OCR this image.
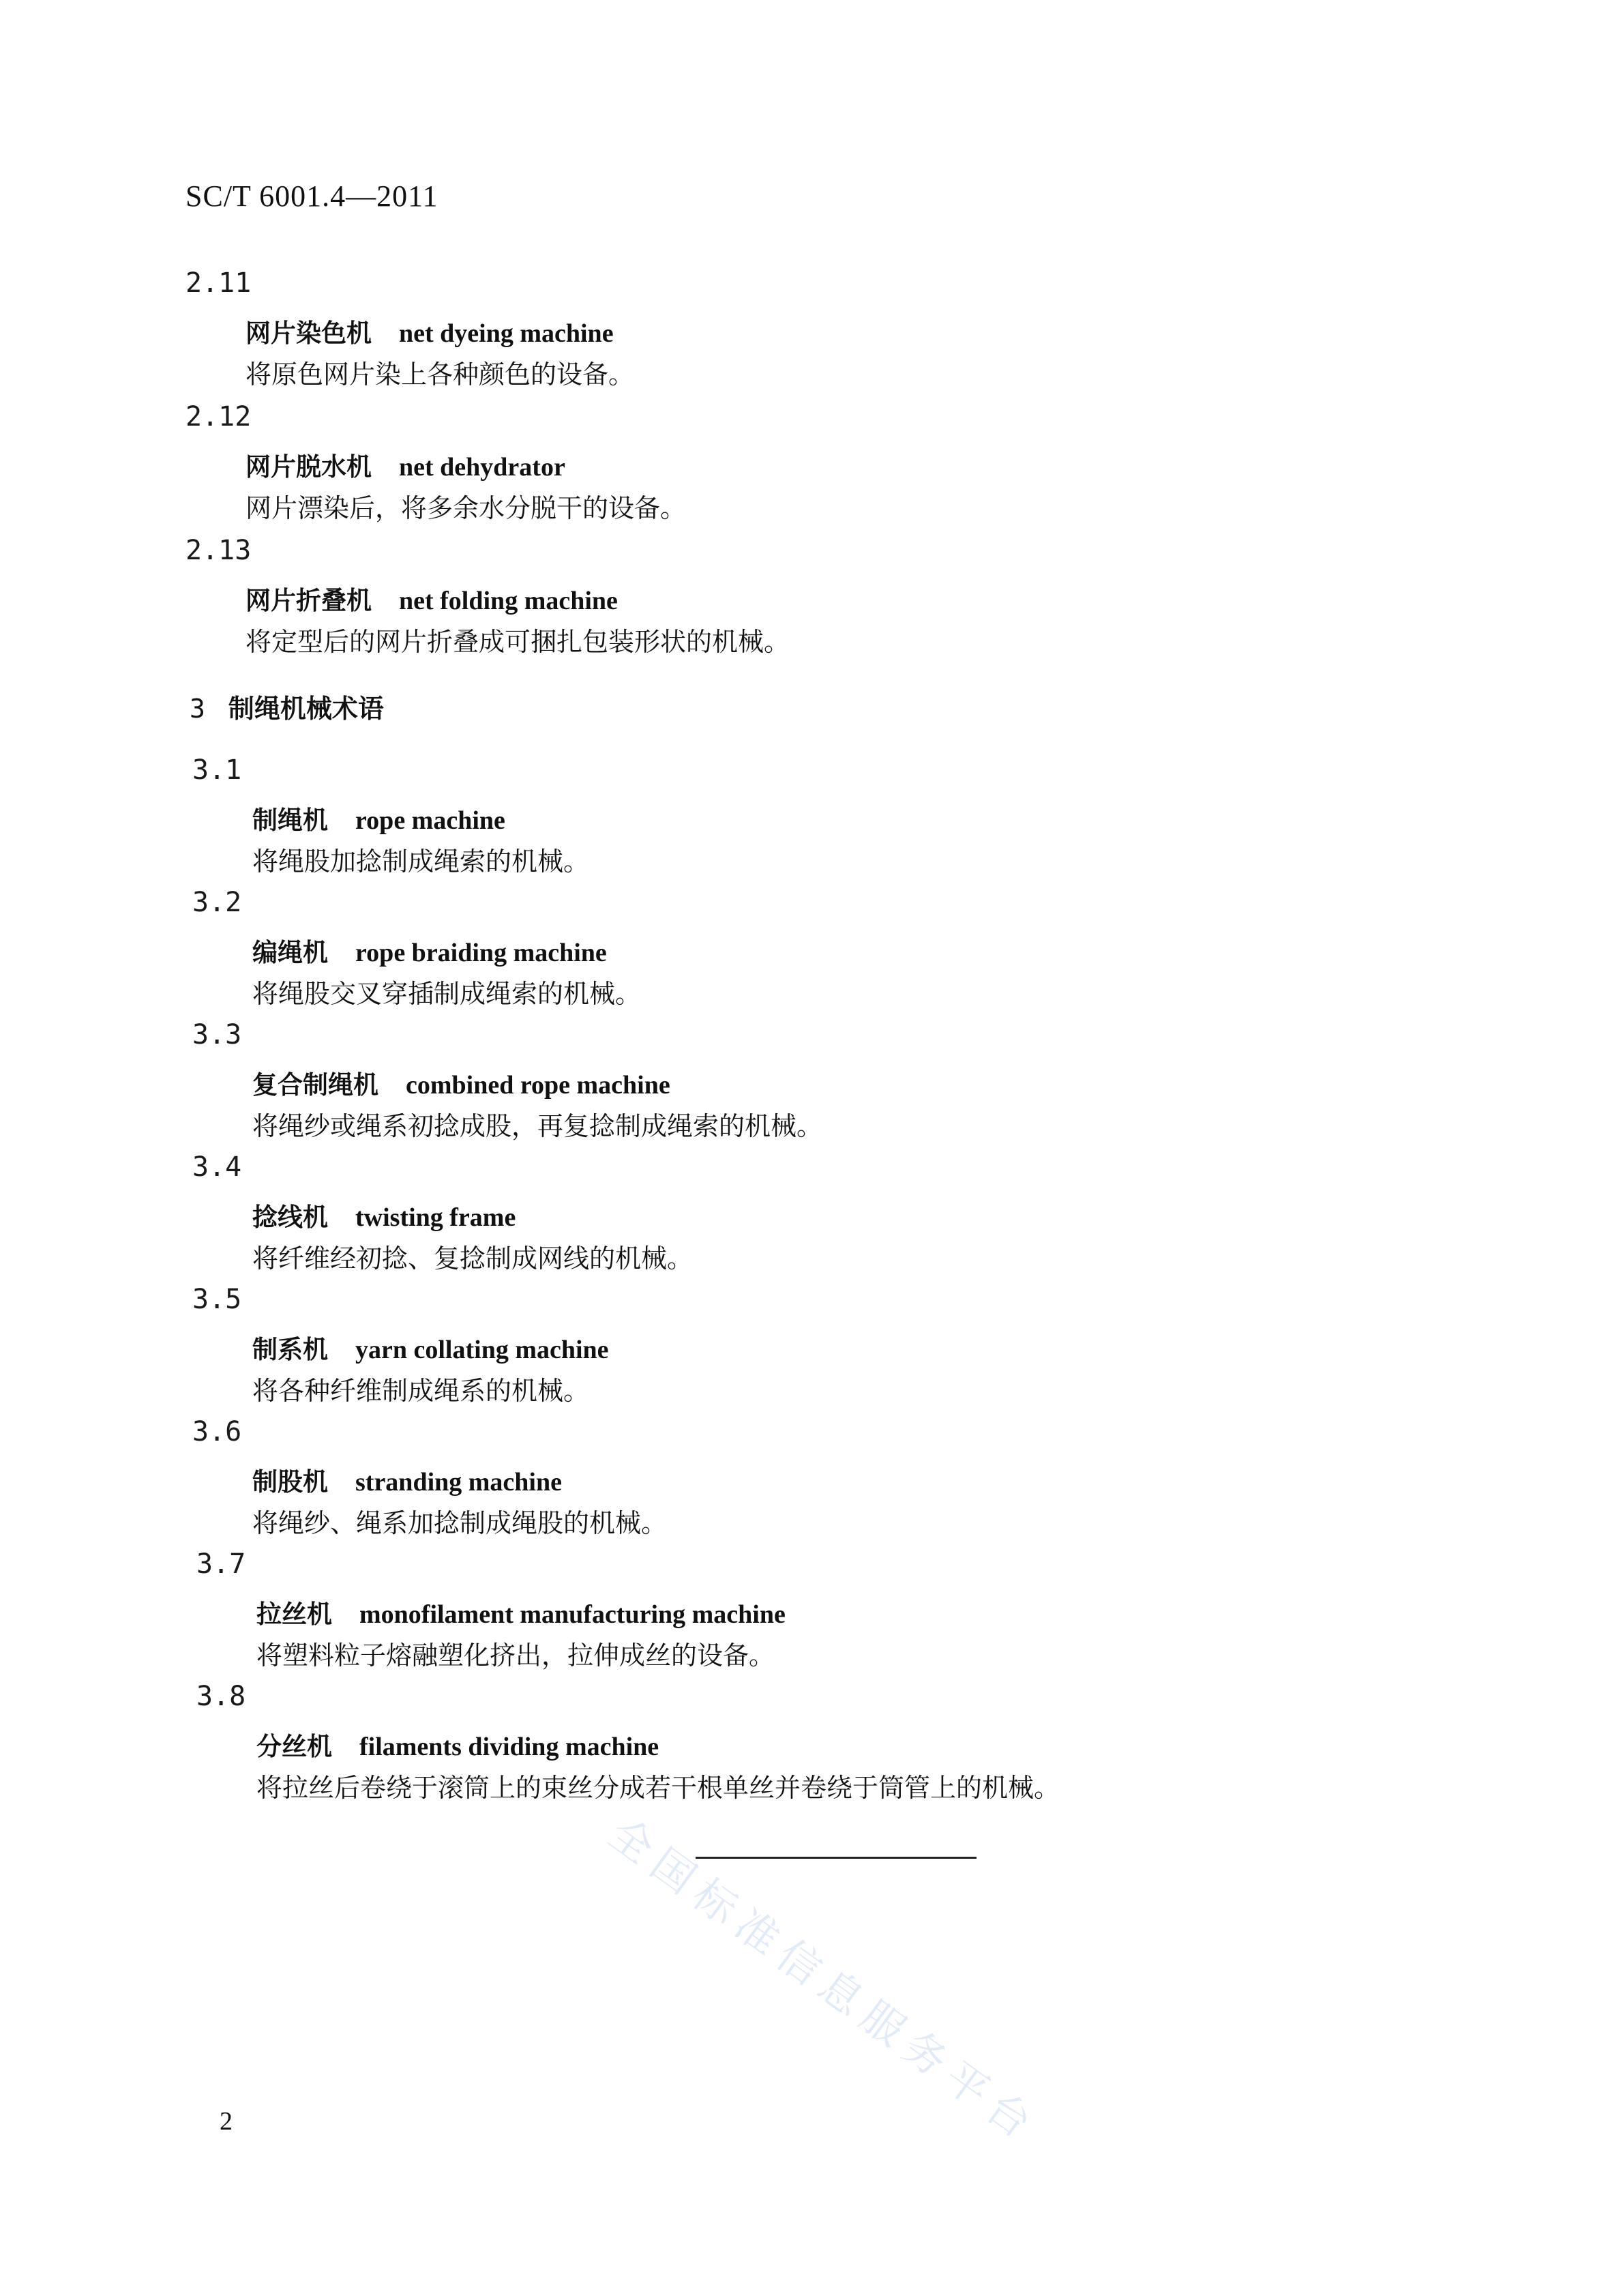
SC/T 6001.4—2011
2.11
网片染色机 net dyeing machine
将原色网片染上各种颜色的设备。
2.12
网片脱水机 net dehydrator
网片漂染后，将多余水分脱干的设备。
2.13
网片折叠机 net folding machine
将定型后的网片折叠成可捆扎包装形状的机械。
3 制绳机械术语
3.1
制绳机 rope machine
将绳股加捻制成绳索的机械。
3.2
编绳机 rope braiding machine
将绳股交叉穿插制成绳索的机械。
3.3
复合制绳机 combined rope machine
将绳纱或绳系初捻成股，再复捻制成绳索的机械。
3.4
捻线机 twisting frame
将纤维经初捻、复捻制成网线的机械。
3.5
制系机 yarn collating machine
将各种纤维制成绳系的机械。
3.6
制股机 stranding machine
将绳纱、绳系加捻制成绳股的机械。
3.7
拉丝机 monofilament manufacturing machine
将塑料粒子熔融塑化挤出，拉伸成丝的设备。
3.8
分丝机 filaments dividing machine
将拉丝后卷绕于滚筒上的束丝分成若干根单丝并卷绕于筒管上的机械。
全国标准信息服务平台
2
